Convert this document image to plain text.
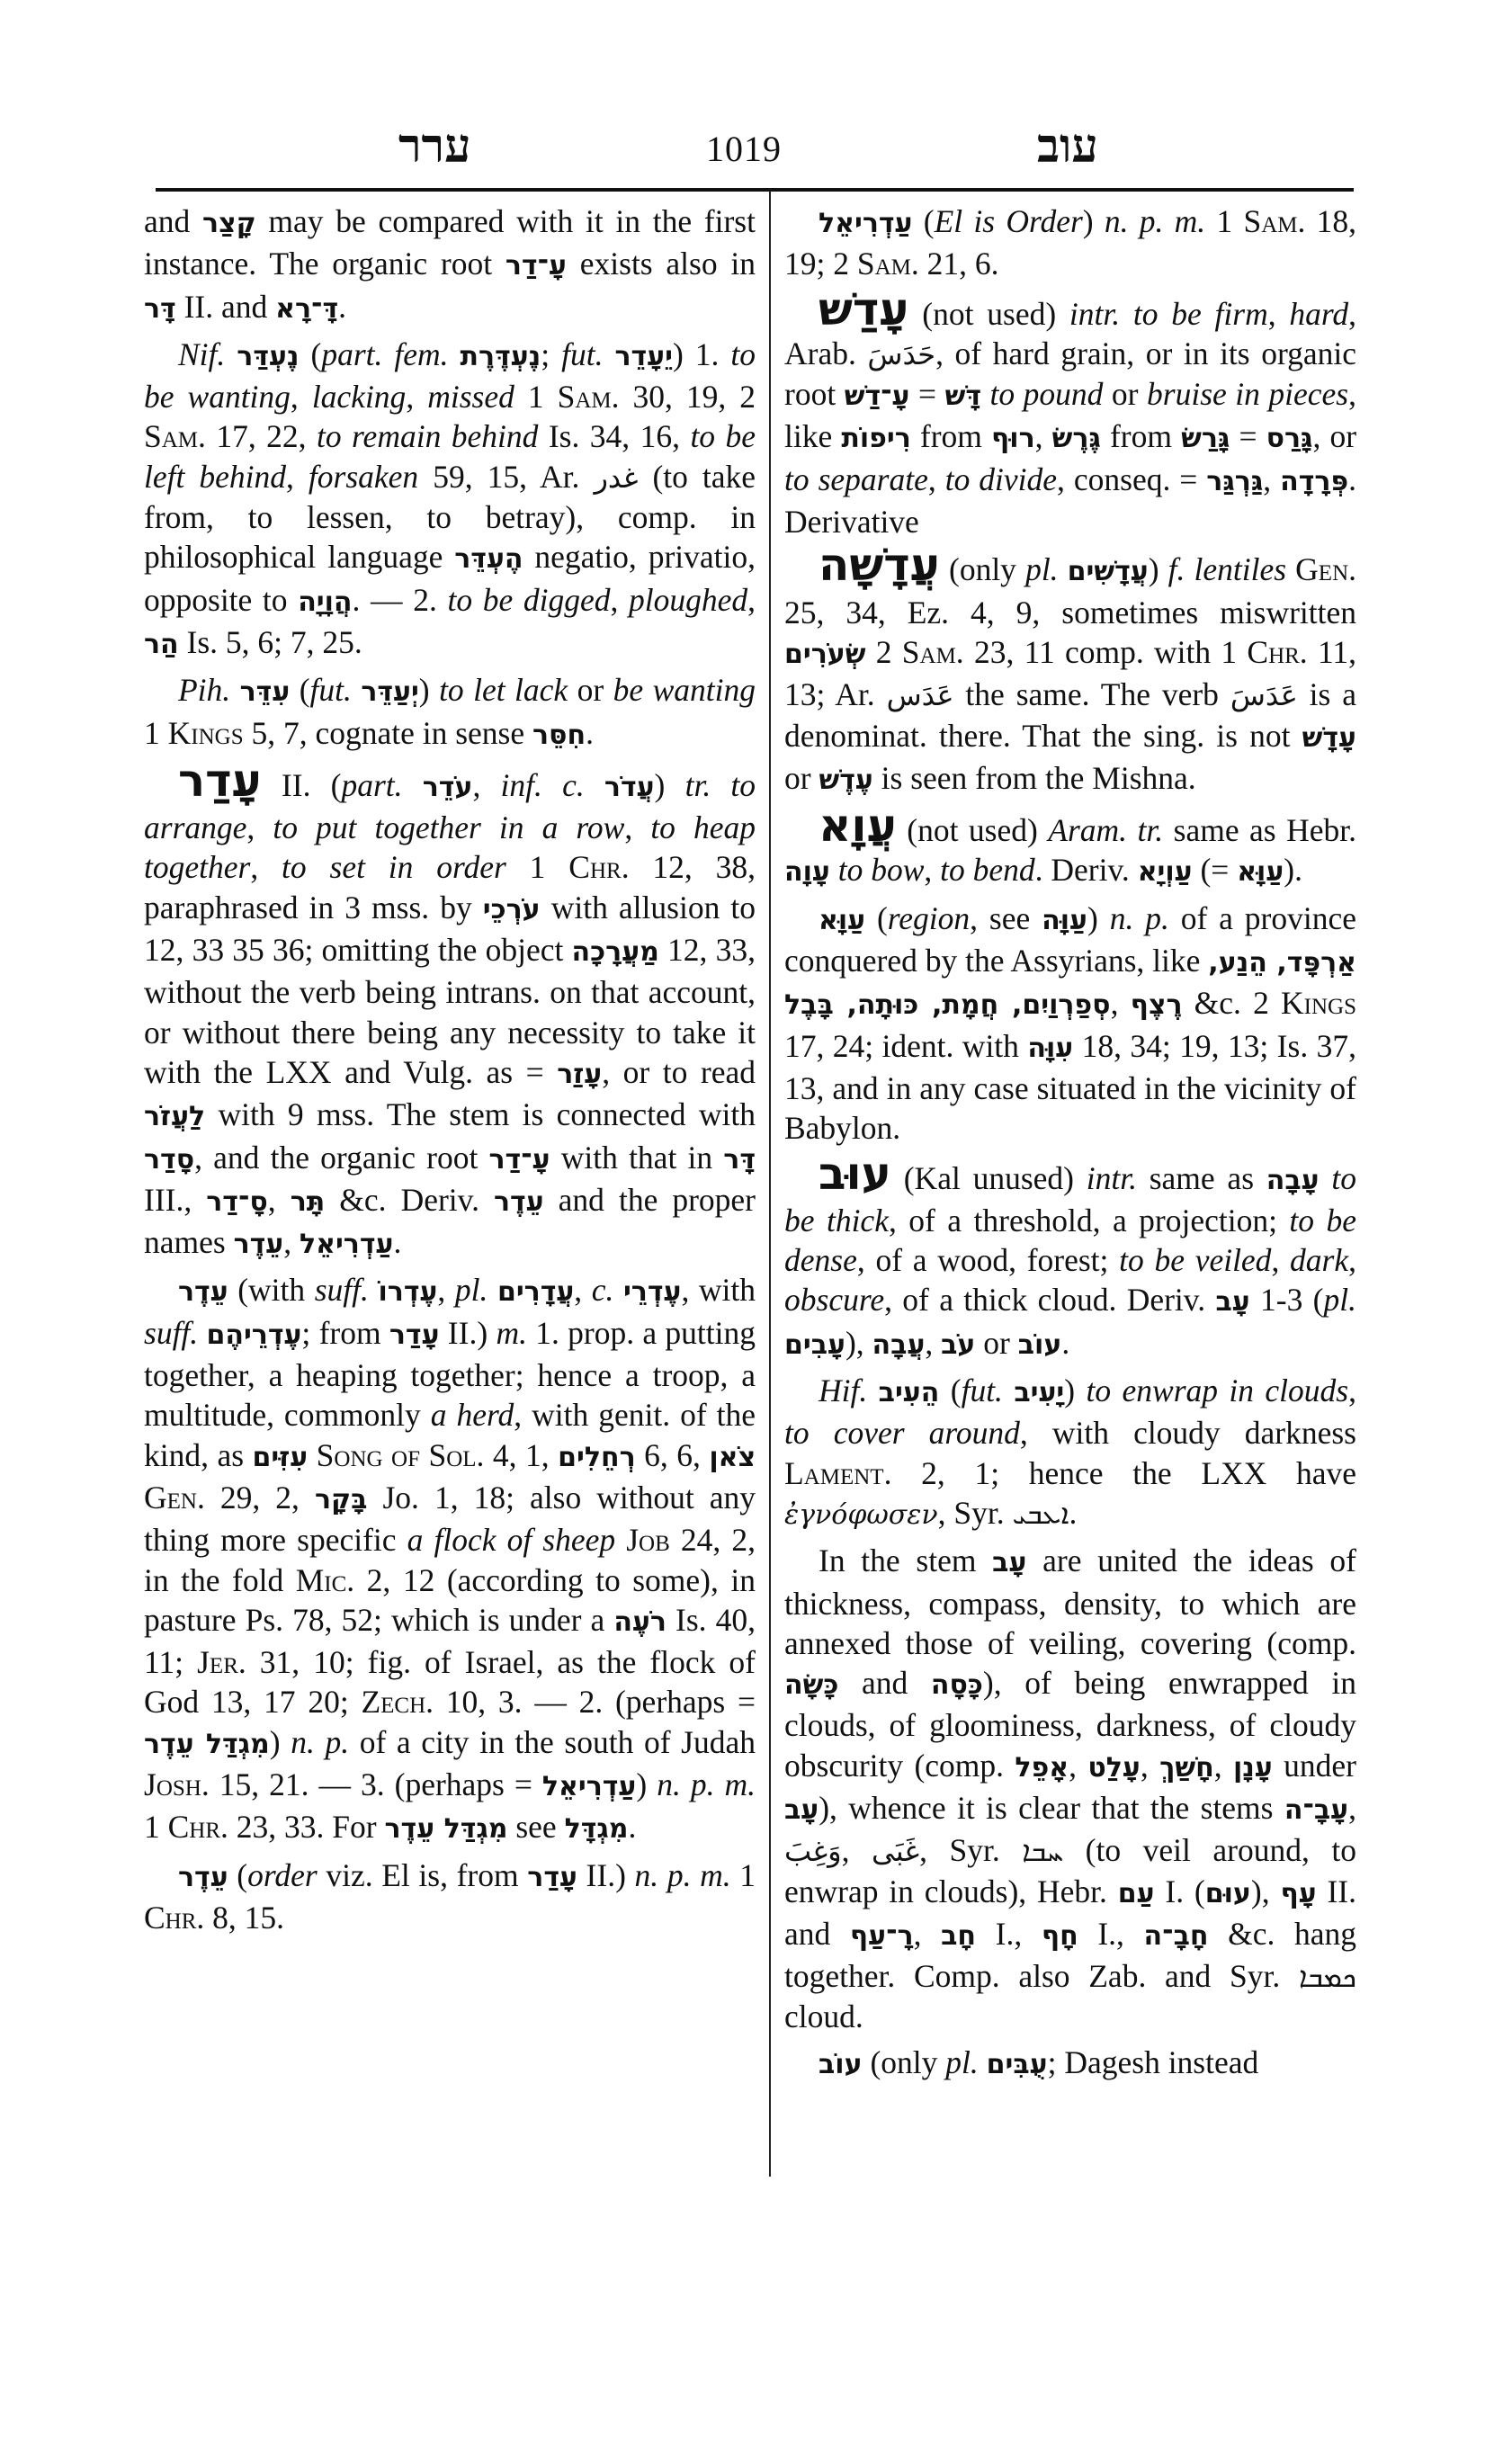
ערר	1019	עוב

and קָצַר may be compared with it in the first instance. The organic root עָ־דַר exists also in דָּר II. and דָּ־רָא.

Nif. נֶעְדַּר (part. fem. נֶעְדֶּרֶת; fut. יֵעָדֵר) 1. to be wanting, lacking, missed 1 Sam. 30, 19, 2 Sam. 17, 22, to remain behind Is. 34, 16, to be left behind, forsaken 59, 15, Ar. غدر (to take from, to lessen, to betray), comp. in philosophical language הֶעְדֵּר negatio, privatio, opposite to הֲוָיָה. — 2. to be digged, ploughed, הַר Is. 5, 6; 7, 25.

Pih. עִדֵּר (fut. יְעַדֵּר) to let lack or be wanting 1 Kings 5, 7, cognate in sense חִסֵּר.

עָדַר II. (part. עֹדֵר, inf. c. עֲדֹר) tr. to arrange, to put together in a row, to heap together, to set in order 1 Chr. 12, 38, paraphrased in 3 mss. by עֹרְכֵי with allusion to 12, 33 35 36; omitting the object מַעֲרָכָה 12, 33, without the verb being intrans. on that account, or without there being any necessity to take it with the LXX and Vulg. as = עָזַר, or to read לַעֲזֹר with 9 mss. The stem is connected with סָדַר, and the organic root עָ־דַר with that in דָּר III., סָ־דַר, תָּר &c. Deriv. עֵדֶר and the proper names עֵדֶר, עַדְרִיאֵל.

עֵדֶר (with suff. עֶדְרוֹ, pl. עֲדָרִים, c. עֶדְרֵי, with suff. עֶדְרֵיהֶם; from עָדַר II.) m. 1. prop. a putting together, a heaping together; hence a troop, a multitude, commonly a herd, with genit. of the kind, as עִזִּים Song of Sol. 4, 1, רְחֵלִים 6, 6, צֹאן Gen. 29, 2, בָּקָר Jo. 1, 18; also without any thing more specific a flock of sheep Job 24, 2, in the fold Mic. 2, 12 (according to some), in pasture Ps. 78, 52; which is under a רֹעֶה Is. 40, 11; Jer. 31, 10; fig. of Israel, as the flock of God 13, 17 20; Zech. 10, 3. — 2. (perhaps = מִגְדַּל עֵדֶר) n. p. of a city in the south of Judah Josh. 15, 21. — 3. (perhaps = עַדְרִיאֵל) n. p. m. 1 Chr. 23, 33. For מִגְדַּל עֵדֶר see מִגְדָּל.

עֵדֶר (order viz. El is, from עָדַר II.) n. p. m. 1 Chr. 8, 15.

עַדְרִיאֵל (El is Order) n. p. m. 1 Sam. 18, 19; 2 Sam. 21, 6.

עָדַשׁ (not used) intr. to be firm, hard, Arab. حَدَسَ, of hard grain, or in its organic root עָ־דַשׁ = דָּשׁ to pound or bruise in pieces, like רִיפוֹת from רוּף, גֶּרֶשׂ from גָּרַשׂ = גָּרַס, or to separate, to divide, conseq. = גַּרְגַּר, פְּרָדָה. Derivative

עֲדָשָׁה (only pl. עֲדָשִׁים) f. lentiles Gen. 25, 34, Ez. 4, 9, sometimes miswritten שְׂעֹרִים 2 Sam. 23, 11 comp. with 1 Chr. 11, 13; Ar. عَدَس the same. The verb عَدَسَ is a denominat. there. That the sing. is not עָדָשׁ or עֶדֶשׁ is seen from the Mishna.

עֲוָא (not used) Aram. tr. same as Hebr. עָוָה to bow, to bend. Deriv. עַוְיָא (= עַוָּא).

עַוָּא (region, see עַוָּה) n. p. of a province conquered by the Assyrians, like אַרְפָּד, הֵנַע, סְפַרְוַיִם, חֲמָת, כּוּתָה, בָּבֶל, רֶצֶף &c. 2 Kings 17, 24; ident. with עִוָּה 18, 34; 19, 13; Is. 37, 13, and in any case situated in the vicinity of Babylon.

עוּב (Kal unused) intr. same as עָבָה to be thick, of a threshold, a projection; to be dense, of a wood, forest; to be veiled, dark, obscure, of a thick cloud. Deriv. עָב 1-3 (pl. עָבִים), עֲבָה, עֹב or עוֹב.

Hif. הֵעִיב (fut. יָעִיב) to enwrap in clouds, to cover around, with cloudy darkness Lament. 2, 1; hence the LXX have ἐγνόφωσεν, Syr. ܐܥܒܝ.

In the stem עָב are united the ideas of thickness, compass, density, to which are annexed those of veiling, covering (comp. כָּשָׂה and כָּסָה), of being enwrapped in clouds, of gloominess, darkness, of cloudy obscurity (comp. אָפֵל, עָלַט, חָשַׁךְ, עָנָן under עָב), whence it is clear that the stems עָבָ־ה, وَغِبَ, غَبَى, Syr. ܚܒܐ (to veil around, to enwrap in clouds), Hebr. עַם I. (עוּם), עָף II. and רָ־עַף, חָב I., חָף I., חָבָ־ה &c. hang together. Comp. also Zab. and Syr. ܟܡܒܐ cloud.

עוֹב (only pl. עֻבִּים; Dagesh instead
